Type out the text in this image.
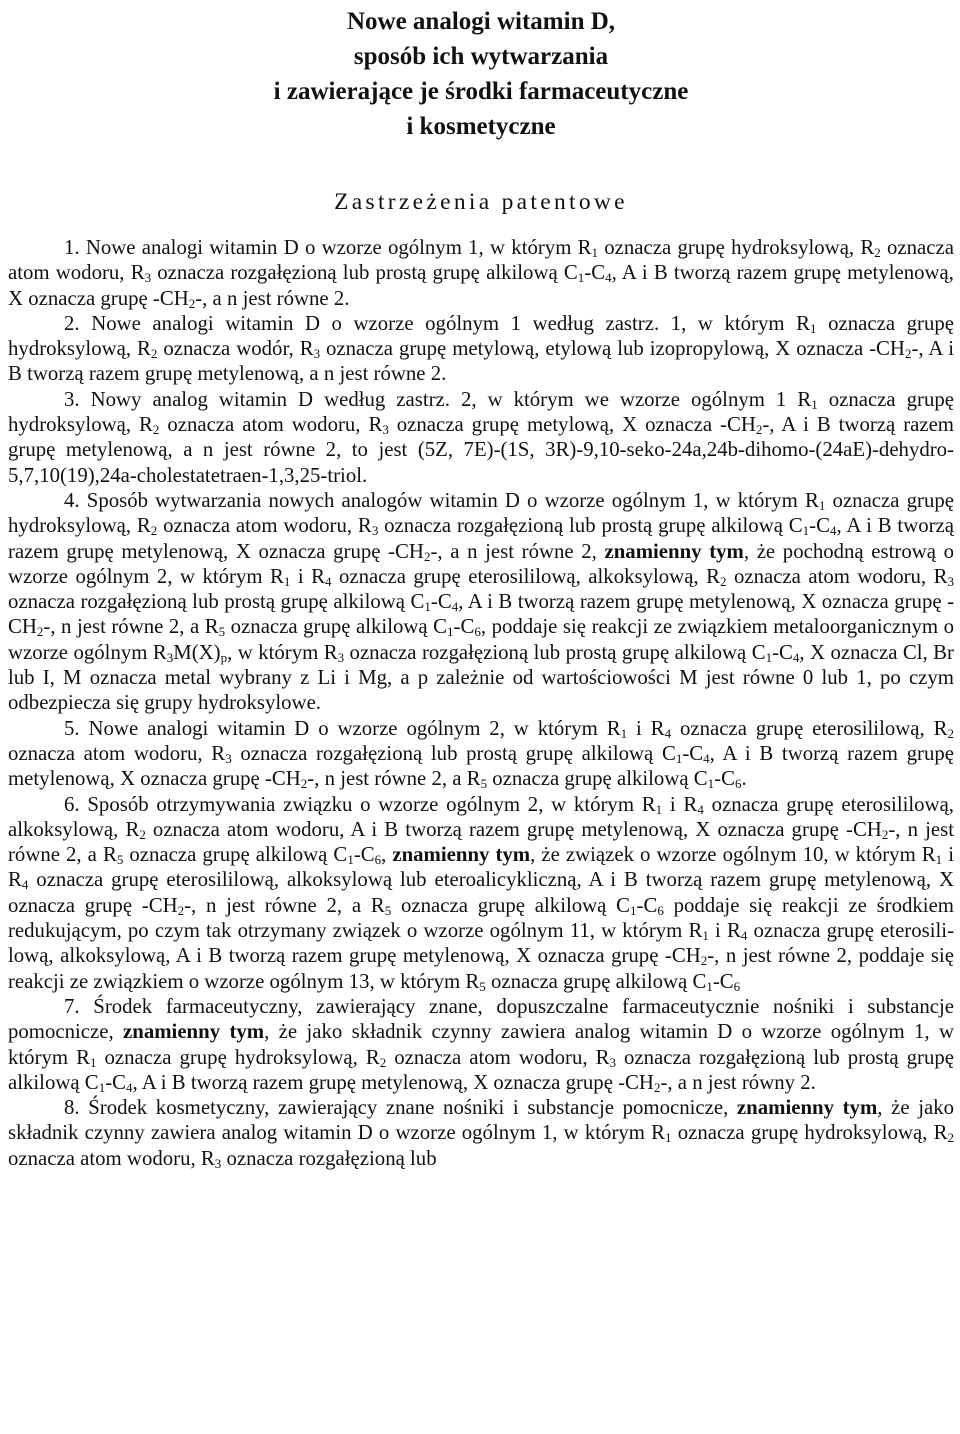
Nowe analogi witamin D,
sposób ich wytwarzania
i zawierające je środki farmaceutyczne
i kosmetyczne
Zastrzeżenia patentowe

1. Nowe analogi witamin D o wzorze ogólnym 1, w którym $R_1$ oznacza grupę hydroksylową, $R_2$ oznacza atom wodoru, $R_3$ oznacza rozgałęzioną lub prostą grupę alkilową $C_1-C_4$, A i B tworzą razem grupę metylenową, X oznacza grupę $-CH_2-$, a n jest równe 2.

2. Nowe analogi witamin D o wzorze ogólnym 1 według zastrz. 1, w którym $R_1$ oznacza grupę hydroksylową, $R_2$ oznacza wodór, $R_3$ oznacza grupę metylową, etylową lub izopropylową, X oznacza $-CH_2-$, A i B tworzą razem grupę metylenową, a n jest równe 2.

3. Nowy analog witamin D według zastrz. 2, w którym we wzorze ogólnym 1 $R_1$ oznacza grupę hydroksylową, $R_2$ oznacza atom wodoru, $R_3$ oznacza grupę metylową, X oznacza $-CH_2-$, A i B tworzą razem grupę metylenową, a n jest równe 2, to jest (5Z, 7E)-(1S, 3R)-9,10-seko-24a,24b-dihomo-(24aE)-dehydro-5,7,10(19),24a-cholestatetraen-1,3,25-triol.

4. Sposób wytwarzania nowych analogów witamin D o wzorze ogólnym 1, w którym $R_1$ oznacza grupę hydroksylową, $R_2$ oznacza atom wodoru, $R_3$ oznacza rozgałęzioną lub prostą grupę alkilową $C_1-C_4$, A i B tworzą razem grupę metylenową, X oznacza grupę $-CH_2-$, a n jest równe 2, znamienny tym, że pochodną estrową o wzorze ogólnym 2, w którym $R_1$ i $R_4$ oznacza grupę eterosililową, alkoksylową, $R_2$ oznacza atom wodoru, $R_3$ oznacza rozgałęzioną lub prostą grupę alkilową $C_1-C_4$, A i B tworzą razem grupę metylenową, X oznacza grupę $-CH_2-$, n jest równe 2, a $R_5$ oznacza grupę alkilową $C_1-C_6$, poddaje się reakcji ze związkiem metaloorganicznym o wzorze ogólnym $R_3M(X)_p$, w którym $R_3$ oznacza rozgałęzioną lub prostą grupę alkilową $C_1-C_4$, X oznacza Cl, Br lub I, M oznacza metal wybrany z Li i Mg, a p zależnie od wartościowości M jest równe 0 lub 1, po czym odbezpiecza się grupy hydroksylowe.

5. Nowe analogi witamin D o wzorze ogólnym 2, w którym $R_1$ i $R_4$ oznacza grupę eterosililową, $R_2$ oznacza atom wodoru, $R_3$ oznacza rozgałęzioną lub prostą grupę alkilową $C_1-C_4$, A i B tworzą razem grupę metylenową, X oznacza grupę $-CH_2-$, n jest równe 2, a $R_5$ oznacza grupę alkilową $C_1-C_6$.

6. Sposób otrzymywania związku o wzorze ogólnym 2, w którym $R_1$ i $R_4$ oznacza grupę eterosililową, alkoksylową, $R_2$ oznacza atom wodoru, A i B tworzą razem grupę metylenową, X oznacza grupę $-CH_2-$, n jest równe 2, a $R_5$ oznacza grupę alkilową $C_1-C_6$, znamienny tym, że związek o wzorze ogólnym 10, w którym $R_1$ i $R_4$ oznacza grupę eterosililową, alkoksylową lub eteroalicykliczną, A i B tworzą razem grupę metylenową, X oznacza grupę $-CH_2-$, n jest równe 2, a $R_5$ oznacza grupę alkilową $C_1-C_6$ poddaje się reakcji ze środkiem redukującym, po czym tak otrzymany związek o wzorze ogólnym 11, w którym $R_1$ i $R_4$ oznacza grupę eterosililową, alkoksylową, A i B tworzą razem grupę metylenową, X oznacza grupę $-CH_2-$, n jest równe 2, poddaje się reakcji ze związkiem o wzorze ogólnym 13, w którym $R_5$ oznacza grupę alkilową $C_1-C_6$

7. Środek farmaceutyczny, zawierający znane, dopuszczalne farmaceutycznie nośniki i substancje pomocnicze, znamienny tym, że jako składnik czynny zawiera analog witamin D o wzorze ogólnym 1, w którym $R_1$ oznacza grupę hydroksylową, $R_2$ oznacza atom wodoru, $R_3$ oznacza rozgałęzioną lub prostą grupę alkilową $C_1-C_4$, A i B tworzą razem grupę metylenową, X oznacza grupę $-CH_2-$, a n jest równy 2.

8. Środek kosmetyczny, zawierający znane nośniki i substancje pomocnicze, znamienny tym, że jako składnik czynny zawiera analog witamin D o wzorze ogólnym 1, w którym $R_1$ oznacza grupę hydroksylową, $R_2$ oznacza atom wodoru, $R_3$ oznacza rozgałęzioną lub
